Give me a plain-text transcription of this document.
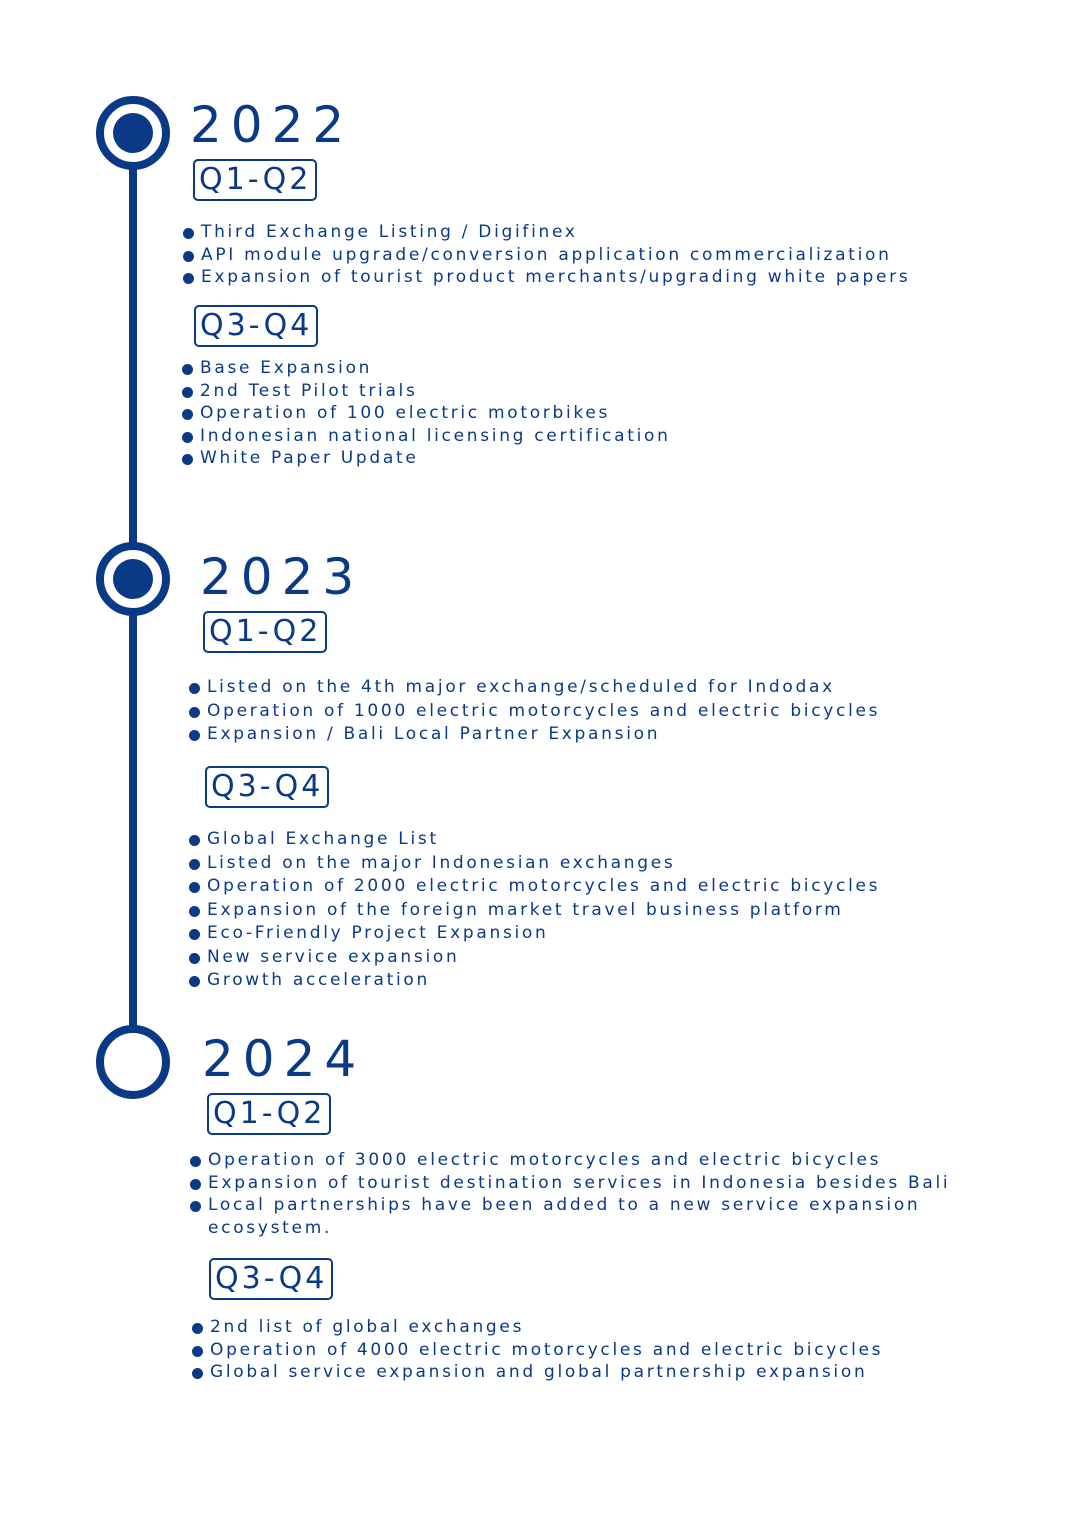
2022
Q1-Q2
Third Exchange Listing / Digifinex
API module upgrade/conversion application commercialization
Expansion of tourist product merchants/upgrading white papers
Q3-Q4
Base Expansion
2nd Test Pilot trials
Operation of 100 electric motorbikes
Indonesian national licensing certification
White Paper Update
2023
Q1-Q2
Listed on the 4th major exchange/scheduled for Indodax
Operation of 1000 electric motorcycles and electric bicycles
Expansion / Bali Local Partner Expansion
Q3-Q4
Global Exchange List
Listed on the major Indonesian exchanges
Operation of 2000 electric motorcycles and electric bicycles
Expansion of the foreign market travel business platform
Eco-Friendly Project Expansion
New service expansion
Growth acceleration
2024
Q1-Q2
Operation of 3000 electric motorcycles and electric bicycles
Expansion of tourist destination services in Indonesia besides Bali
Local partnerships have been added to a new service expansion ecosystem.
Q3-Q4
2nd list of global exchanges
Operation of 4000 electric motorcycles and electric bicycles
Global service expansion and global partnership expansion
